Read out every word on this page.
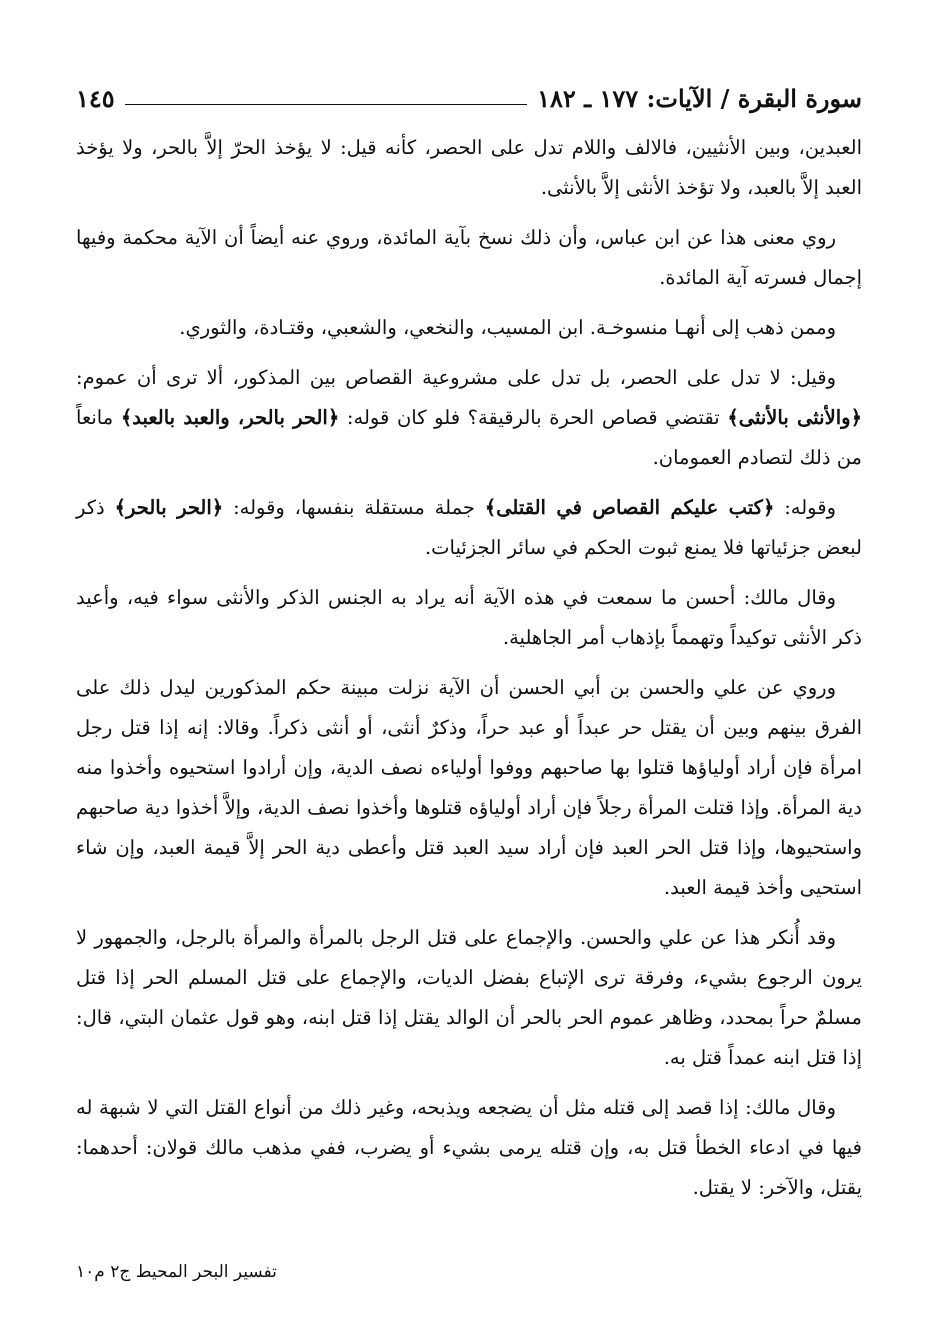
سورة البقرة / الآيات: ١٧٧ ـ ١٨٢
١٤٥

العبدين، وبين الأنثيين، فالالف واللام تدل على الحصر، كأنه قيل: لا يؤخذ الحرّ إلاَّ بالحر، ولا يؤخذ العبد إلاَّ بالعبد، ولا تؤخذ الأنثى إلاَّ بالأنثى.

روي معنى هذا عن ابن عباس، وأن ذلك نسخ بآية المائدة، وروي عنه أيضاً أن الآية محكمة وفيها إجمال فسرته آية المائدة.

وممن ذهب إلى أنهـا منسوخـة. ابن المسيب، والنخعي، والشعبي، وقتـادة، والثوري.

وقيل: لا تدل على الحصر، بل تدل على مشروعية القصاص بين المذكور، ألا ترى أن عموم: ﴿والأنثى بالأنثى﴾ تقتضي قصاص الحرة بالرقيقة؟ فلو كان قوله: ﴿الحر بالحر، والعبد بالعبد﴾ مانعاً من ذلك لتصادم العمومان.

وقوله: ﴿كتب عليكم القصاص في القتلى﴾ جملة مستقلة بنفسها، وقوله: ﴿الحر بالحر﴾ ذكر لبعض جزئياتها فلا يمنع ثبوت الحكم في سائر الجزئيات.

وقال مالك: أحسن ما سمعت في هذه الآية أنه يراد به الجنس الذكر والأنثى سواء فيه، وأعيد ذكر الأنثى توكيداً وتهمماً بإذهاب أمر الجاهلية.

وروي عن علي والحسن بن أبي الحسن أن الآية نزلت مبينة حكم المذكورين ليدل ذلك على الفرق بينهم وبين أن يقتل حر عبداً أو عبد حراً، وذكرٌ أنثى، أو أنثى ذكراً. وقالا: إنه إذا قتل رجل امرأة فإن أراد أولياؤها قتلوا بها صاحبهم ووفوا أولياءه نصف الدية، وإن أرادوا استحيوه وأخذوا منه دية المرأة. وإذا قتلت المرأة رجلاً فإن أراد أولياؤه قتلوها وأخذوا نصف الدية، وإلاَّ أخذوا دية صاحبهم واستحيوها، وإذا قتل الحر العبد فإن أراد سيد العبد قتل وأعطى دية الحر إلاَّ قيمة العبد، وإن شاء استحيى وأخذ قيمة العبد.

وقد أُنكر هذا عن علي والحسن. والإجماع على قتل الرجل بالمرأة والمرأة بالرجل، والجمهور لا يرون الرجوع بشيء، وفرقة ترى الإتباع بفضل الديات، والإجماع على قتل المسلم الحر إذا قتل مسلمٌ حراً بمحدد، وظاهر عموم الحر بالحر أن الوالد يقتل إذا قتل ابنه، وهو قول عثمان البتي، قال: إذا قتل ابنه عمداً قتل به.

وقال مالك: إذا قصد إلى قتله مثل أن يضجعه ويذبحه، وغير ذلك من أنواع القتل التي لا شبهة له فيها في ادعاء الخطأ قتل به، وإن قتله يرمى بشيء أو يضرب، ففي مذهب مالك قولان: أحدهما: يقتل، والآخر: لا يقتل.

تفسير البحر المحيط ج٢ م١٠
